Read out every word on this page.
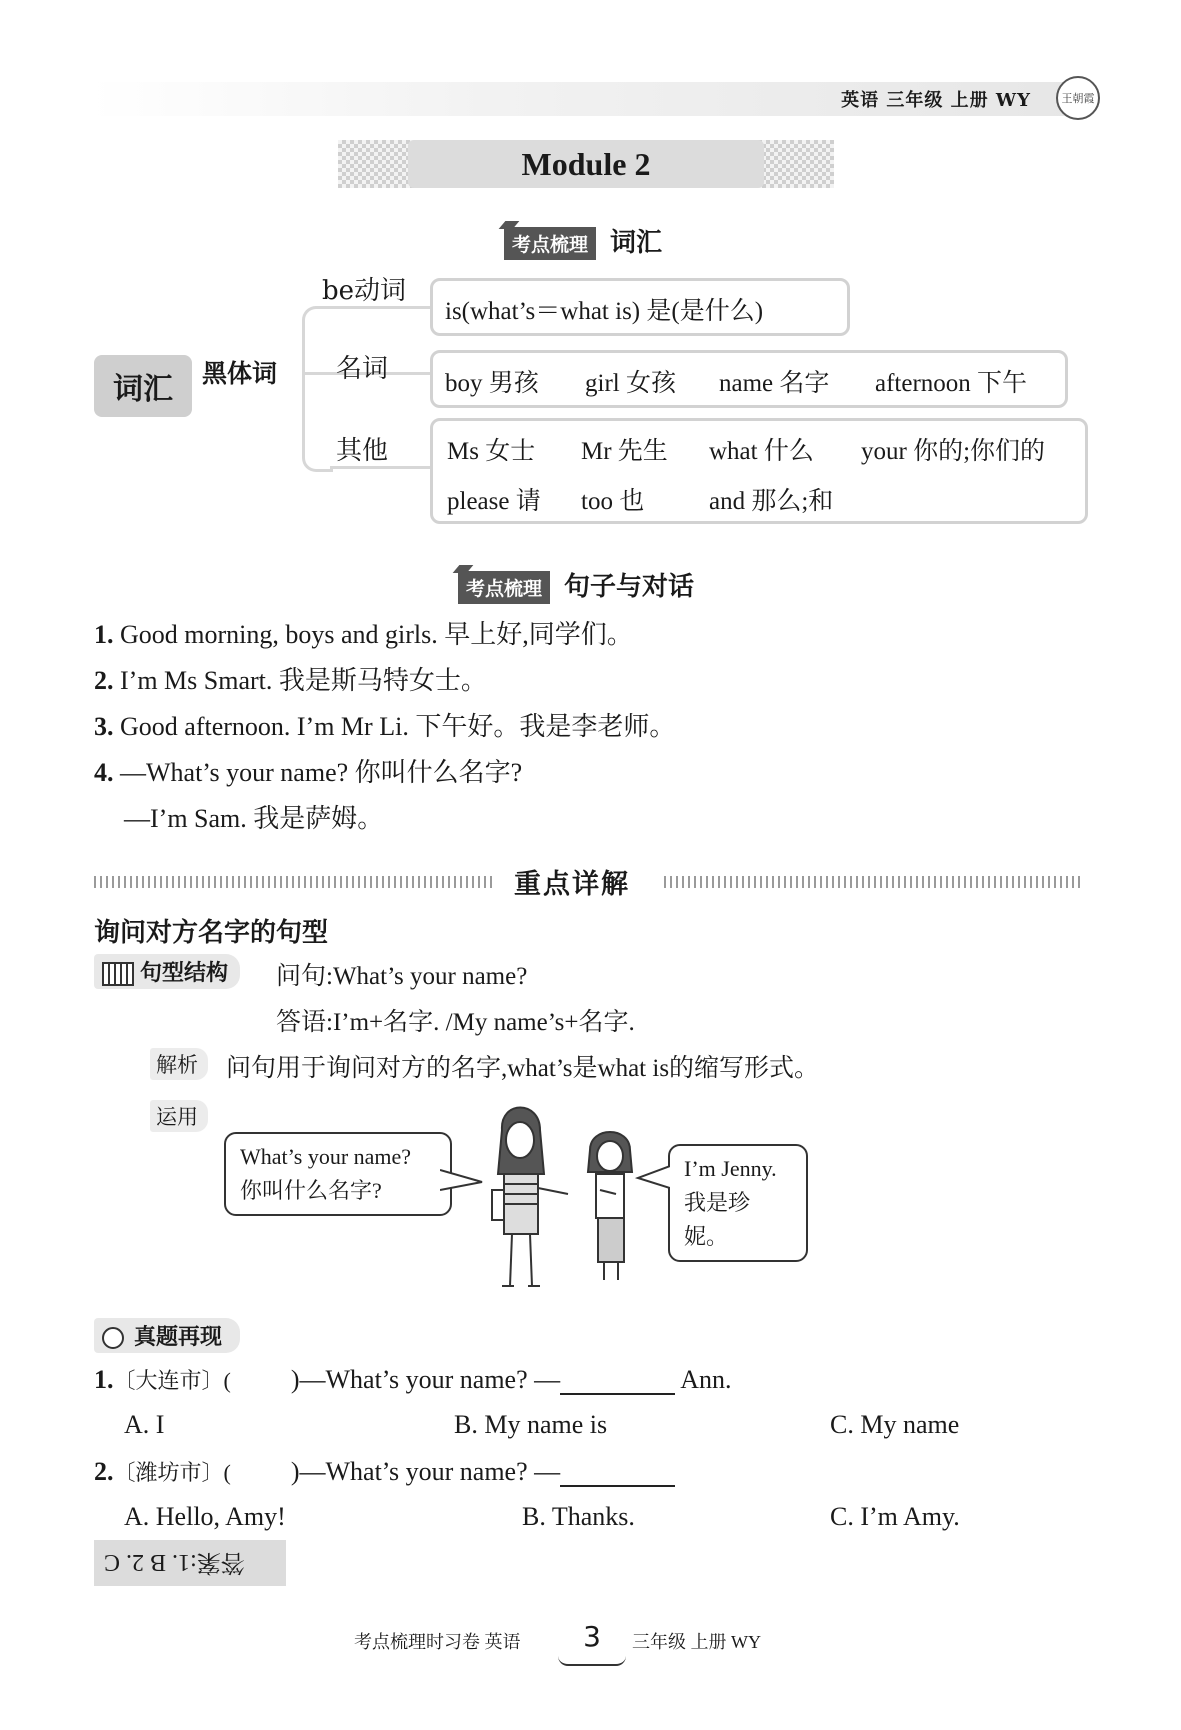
英语 三年级 上册 WY	王朝霞
Module 2
考点梳理 词汇
词汇	黑体词
be动词
名词
其他
is(what’s＝what is) 是(是什么)
boy 男孩	girl 女孩	name 名字	afternoon 下午
Ms 女士	Mr 先生	what 什么	your 你的;你们的
please 请	too 也	and 那么;和
考点梳理 句子与对话
1. Good morning, boys and girls. 早上好,同学们。
2. I’m Ms Smart. 我是斯马特女士。
3. Good afternoon. I’m Mr Li. 下午好。我是李老师。
4. —What’s your name? 你叫什么名字?
—I’m Sam. 我是萨姆。
重点详解
询问对方名字的句型
句型结构	问句:What’s your name?
答语:I’m+名字. /My name’s+名字.
解析	问句用于询问对方的名字,what’s是what is的缩写形式。
运用
What’s your name?
你叫什么名字?
I’m Jenny.
我是珍妮。
真题再现
1.〔大连市〕( )—What’s your name? —	Ann.
A. I	B. My name is	C. My name
2.〔潍坊市〕( )—What’s your name? —
A. Hello, Amy!	B. Thanks.	C. I’m Amy.
答案:1. B 2. C
考点梳理时习卷 英语	3	三年级 上册 WY
